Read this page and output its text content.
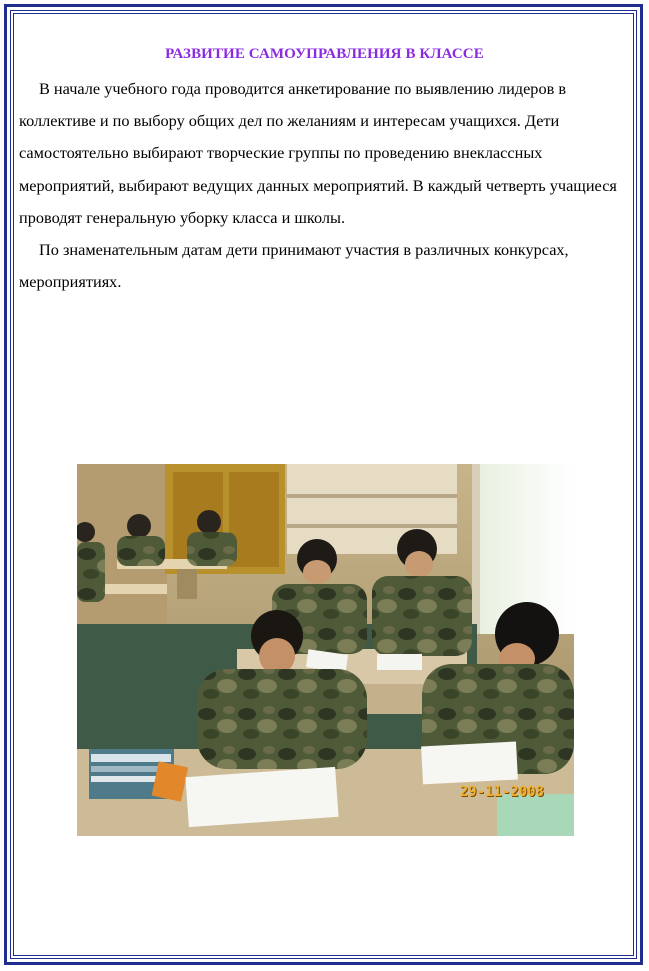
РАЗВИТИЕ САМОУПРАВЛЕНИЯ В КЛАССЕ

В начале учебного года проводится анкетирование по выявлению лидеров в коллективе и по выбору общих дел по желаниям и интересам учащихся. Дети самостоятельно выбирают творческие группы по проведению внеклассных мероприятий, выбирают ведущих данных мероприятий. В каждый четверть учащиеся проводят генеральную уборку класса и школы.

По знаменательным датам дети принимают участия в различных конкурсах, мероприятиях.

29-11-2008
